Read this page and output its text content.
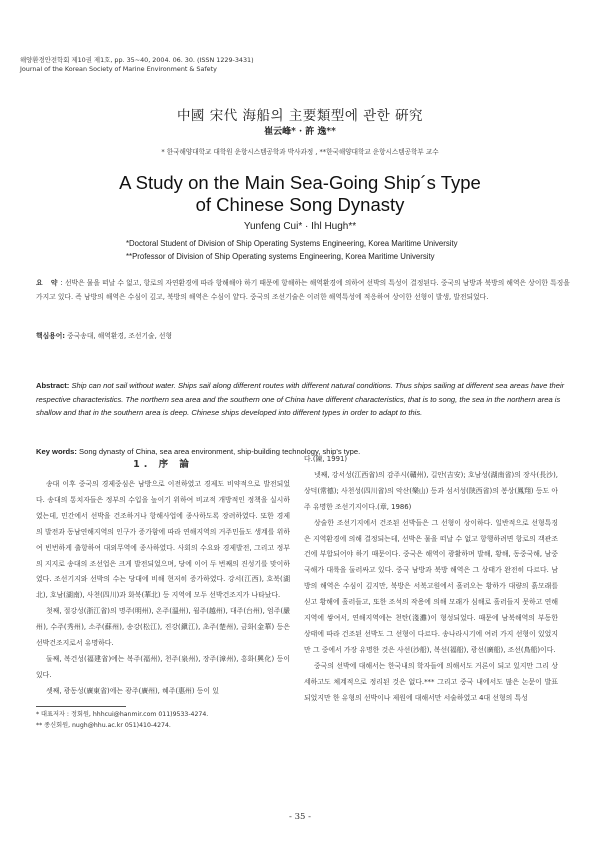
해양환경안전학회 제10권 제1호, pp. 35~40, 2004. 06. 30. (ISSN 1229-3431)
Journal of the Korean Society of Marine Environment & Safety
中國 宋代 海船의 主要類型에 관한 硏究
崔云峰* · 許 逸**
* 한국해양대학교 대학원 운항시스템공학과 박사과정 , **한국해양대학교 운항시스템공학부 교수
A Study on the Main Sea-Going Ship´s Type
of Chinese Song Dynasty
Yunfeng Cui* · Ihl Hugh**
*Doctoral Student of Division of Ship Operating Systems Engineering, Korea Maritime University
**Professor of Division of Ship Operating systems Engineering, Korea Maritime University
요 약: 선박은 물을 떠날 수 없고, 항로의 자연환경에 따라 항해해야 하기 때문에 항해하는 해역환경에 의하여 선박의 특성이 결정된다. 중국의 남방과 북방의 해역은 상이한 특징을 가지고 있다. 즉 남방의 해역은 수심이 깊고, 북방의 해역은 수심이 얕다. 중국의 조선기술은 이러한 해역특성에 적응하여 상이한 선형이 발생, 발전되었다.
핵심용어: 중국송대, 해역환경, 조선기술, 선형
Abstract: Ship can not sail without water. Ships sail along different routes with different natural conditions. Thus ships sailing at different sea areas have their respective characteristics. The northern sea area and the southern one of China have different characteristics, that is to song, the sea in the northern area is shallow and that in the southern area is deep. Chinese ships developed into different types in order to adapt to this.
Key words: Song dynasty of China, sea area environment, ship-building technology, ship's type.
1. 序 論

송대 이후 중국의 경제중심은 남방으로 이전하였고 경제도 비약적으로 발전되었다. 송대의 통치자들은 정부의 수입을 높이기 위하여 비교적 개방적인 정책을 실시하였는데, 민간에서 선박을 건조하거나 항해사업에 종사하도록 장려하였다. 또한 경제의 발전과 동남연해지역의 인구가 증가함에 따라 연해지역의 거주민들도 생계를 위하여 빈번하게 출항하여 대외무역에 종사하였다. 사회의 수요와 경제발전, 그리고 정부의 지지로 송대의 조선업은 크게 발전되었으며, 당에 이어 두 번째의 진성기를 맞이하였다. 조선기지와 선박의 수는 당대에 비해 현저히 증가하였다. 강서(江西), 호북(湖北), 호남(湖南), 사천(四川)과 화북(華北) 등 지역에 모두 선박건조지가 나타났다.

첫째, 절강성(浙江省)의 명주(明州), 온주(溫州), 월주(越州), 대주(台州), 엄주(嚴州), 수주(秀州), 소주(蘇州), 송강(松江), 진강(鎭江), 초주(楚州), 금화(金華) 등은 선박건조지로서 유명하다.

둘째, 복건성(福建省)에는 복주(福州), 천주(泉州), 장주(漳州), 흥화(興化) 등이 있다.

셋째, 광동성(廣東省)에는 광주(廣州), 혜주(惠州) 등이 있

* 대표저자 : 정회원, hhhcui@hanmir.com 011)9533-4274.
** 종신회원, nugh@hhu.ac.kr 051)410-4274.

다.(陳, 1991)

넷째, 강서성(江西省)의 감주시(贛州), 길안(吉安); 호남성(湖南省)의 장사(長沙), 상덕(常德); 사천성(四川省)의 악산(樂山) 등과 섬서성(陝西省)의 봉상(鳳翔) 등도 아주 유명한 조선기지이다.(章, 1986)

상술한 조선기지에서 건조된 선박들은 그 선형이 상이하다. 일반적으로 선형특징은 지역환경에 의해 결정되는데, 선박은 물을 떠날 수 없고 항행하려면 항로의 객관조건에 부합되어야 하기 때문이다. 중국은 해역이 광활하며 발해, 황해, 동중국해, 남중국해가 대륙을 둘러싸고 있다. 중국 남방과 북방 해역은 그 상태가 완전히 다르다. 남방의 해역은 수심이 깊지만, 북방은 서북고원에서 흘러오는 황하가 대량의 흙모래를 싣고 황해에 흘러들고, 또한 조석의 작용에 의해 모래가 심해로 흘러들지 못하고 연해지역에 쌓여서, 연해지역에는 천탄(淺灘)이 형성되었다. 때문에 남북해역의 부동한 상태에 따라 건조된 선박도 그 선형이 다르다. 송나라시기에 여러 가지 선형이 있었지만 그 중에서 가장 유명한 것은 사선(沙船), 복선(福船), 광선(廣船), 조선(鳥船)이다.

중국의 선박에 대해서는 한국내의 학자들에 의해서도 거론이 되고 있지만 그리 상세하고도 체계적으로 정리된 것은 없다.*** 그리고 중국 내에서도 많은 논문이 발표되었지만 한 유형의 선박이나 제원에 대해서만 서술하였고 4대 선형의 특성

- 35 -
